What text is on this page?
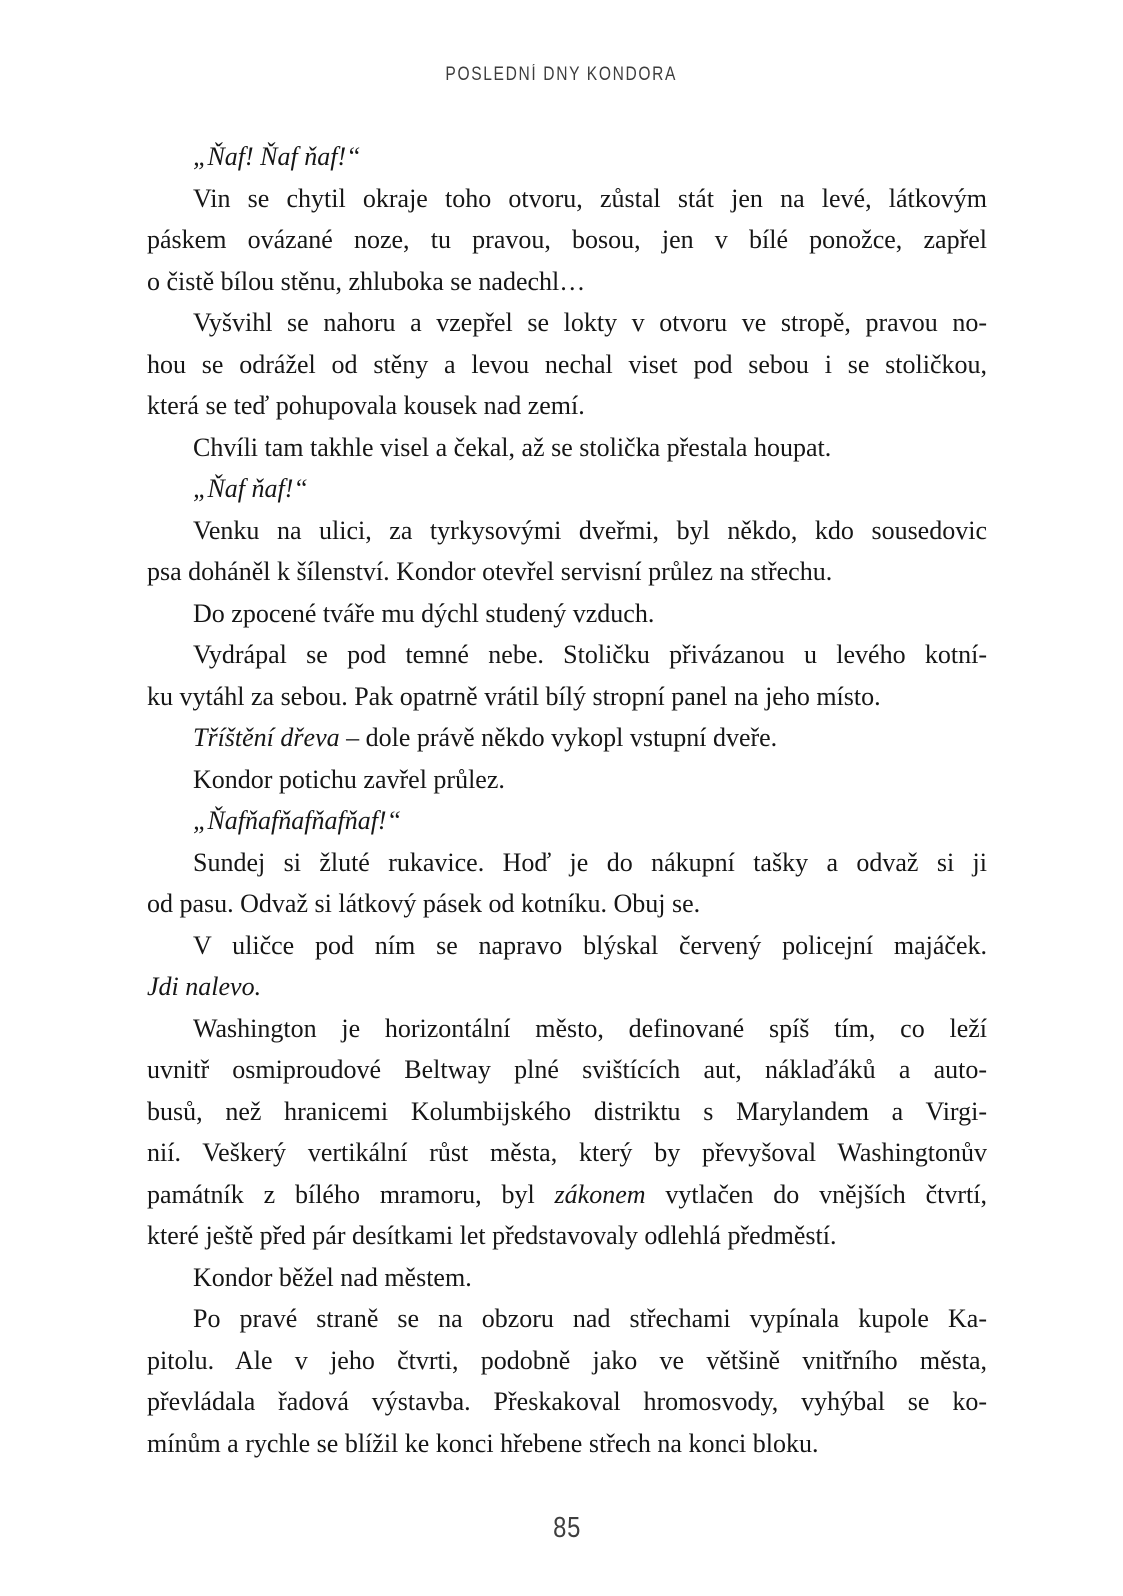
POSLEDNÍ DNY KONDORA
„Ňaf! Ňaf ňaf!“
Vin se chytil okraje toho otvoru, zůstal stát jen na levé, látkovým
páskem ovázané noze, tu pravou, bosou, jen v bílé ponožce, zapřel
o čistě bílou stěnu, zhluboka se nadechl…
Vyšvihl se nahoru a vzepřel se lokty v otvoru ve stropě, pravou no-
hou se odrážel od stěny a levou nechal viset pod sebou i se stoličkou,
která se teď pohupovala kousek nad zemí.
Chvíli tam takhle visel a čekal, až se stolička přestala houpat.
„Ňaf ňaf!“
Venku na ulici, za tyrkysovými dveřmi, byl někdo, kdo sousedovic
psa doháněl k šílenství. Kondor otevřel servisní průlez na střechu.
Do zpocené tváře mu dýchl studený vzduch.
Vydrápal se pod temné nebe. Stoličku přivázanou u levého kotní-
ku vytáhl za sebou. Pak opatrně vrátil bílý stropní panel na jeho místo.
Tříštění dřeva – dole právě někdo vykopl vstupní dveře.
Kondor potichu zavřel průlez.
„Ňafňafňafňafňaf!“
Sundej si žluté rukavice. Hoď je do nákupní tašky a odvaž si ji
od pasu. Odvaž si látkový pásek od kotníku. Obuj se.
V uličce pod ním se napravo blýskal červený policejní majáček.
Jdi nalevo.
Washington je horizontální město, definované spíš tím, co leží
uvnitř osmiproudové Beltway plné svištících aut, náklaďáků a auto-
busů, než hranicemi Kolumbijského distriktu s Marylandem a Virgi-
nií. Veškerý vertikální růst města, který by převyšoval Washingtonův
památník z bílého mramoru, byl zákonem vytlačen do vnějších čtvrtí,
které ještě před pár desítkami let představovaly odlehlá předměstí.
Kondor běžel nad městem.
Po pravé straně se na obzoru nad střechami vypínala kupole Ka-
pitolu. Ale v jeho čtvrti, podobně jako ve většině vnitřního města,
převládala řadová výstavba. Přeskakoval hromosvody, vyhýbal se ko-
mínům a rychle se blížil ke konci hřebene střech na konci bloku.
85
